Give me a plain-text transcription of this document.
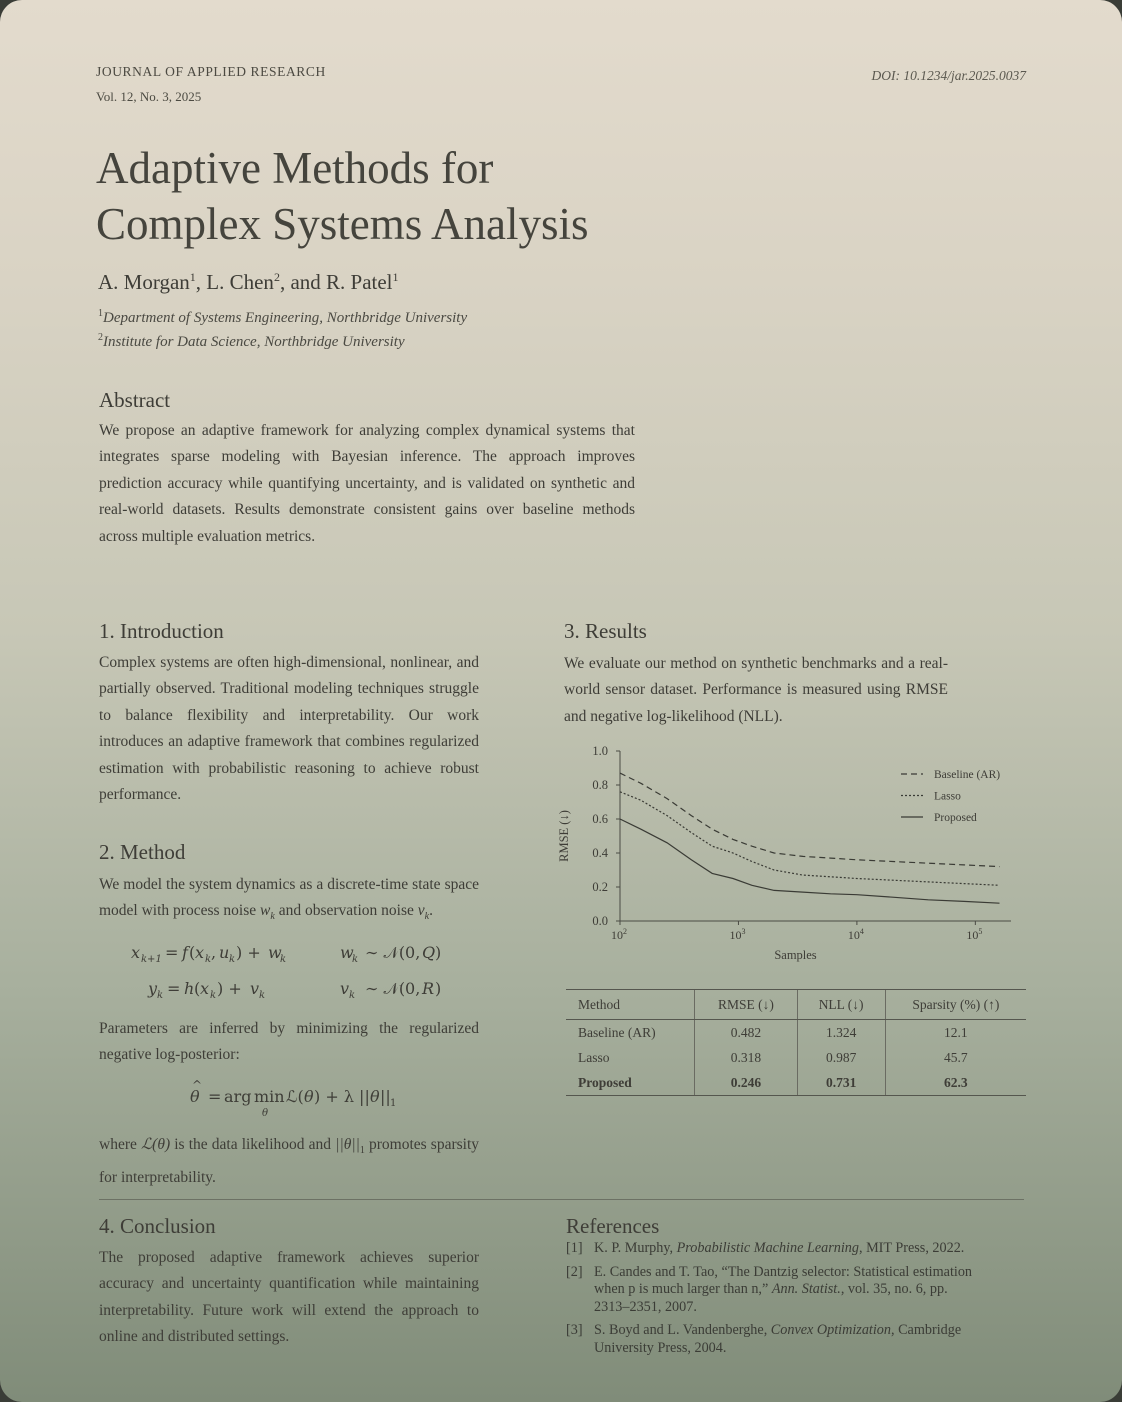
JOURNAL OF APPLIED RESEARCH
Vol. 12, No. 3, 2025
DOI: 10.1234/jar.2025.0037
Adaptive Methods for
Complex Systems Analysis
A. Morgan$^1$, L. Chen$^2$, and R. Patel$^1$
$^1$Department of Systems Engineering, Northbridge University
$^2$Institute for Data Science, Northbridge University
Abstract
We propose an adaptive framework for analyzing complex dynamical systems that integrates sparse modeling with Bayesian inference. The approach improves prediction accuracy while quantifying uncertainty, and is validated on synthetic and real-world datasets. Results demonstrate consistent gains over baseline methods across multiple evaluation metrics.
1. Introduction
Complex systems are often high-dimensional, nonlinear, and partially observed. Traditional modeling techniques struggle to balance flexibility and interpretability. Our work introduces an adaptive framework that combines regularized estimation with probabilistic reasoning to achieve robust performance.
2. Method
We model the system dynamics as a discrete-time state space model with process noise $w_k$ and observation noise $v_k$.
x k+1 = f ( x k , u k ) + w
k	w
k ∼ 𝒩(0, Q )
y k = h ( x k ) + v k	v k ∼ 𝒩(0, R )
Parameters are inferred by minimizing the regularized negative log-posterior:
θ
^
= arg min
θ
ℒ( θ ) + λ || θ || 1
where ℒ(θ) is the data likelihood and $||\theta||_1$ promotes sparsity for interpretability.
3. Results
We evaluate our method on synthetic benchmarks and a real-world sensor dataset. Performance is measured using RMSE and negative log-likelihood (NLL).
0.0
0.2
0.4
0.6
0.8
1.0
$10^2$	$10^3$	$10^4$	$10^5$
Samples
RMSE (↓)
Baseline (AR)
Lasso
Proposed
Method	RMSE (↓)	NLL (↓)	Sparsity (%) (↑)
Baseline (AR)	0.482	1.324	12.1
Lasso	0.318	0.987	45.7
Proposed	0.246	0.731	62.3
4. Conclusion
The proposed adaptive framework achieves superior accuracy and uncertainty quantification while maintaining interpretability. Future work will extend the approach to online and distributed settings.
References
[1] K. P. Murphy, Probabilistic Machine Learning, MIT Press, 2022.
[2] E. Candes and T. Tao, “The Dantzig selector: Statistical estimation when p is much larger than n,” Ann. Statist., vol. 35, no. 6, pp. 2313–2351, 2007.
[3] S. Boyd and L. Vandenberghe, Convex Optimization, Cambridge University Press, 2004.
